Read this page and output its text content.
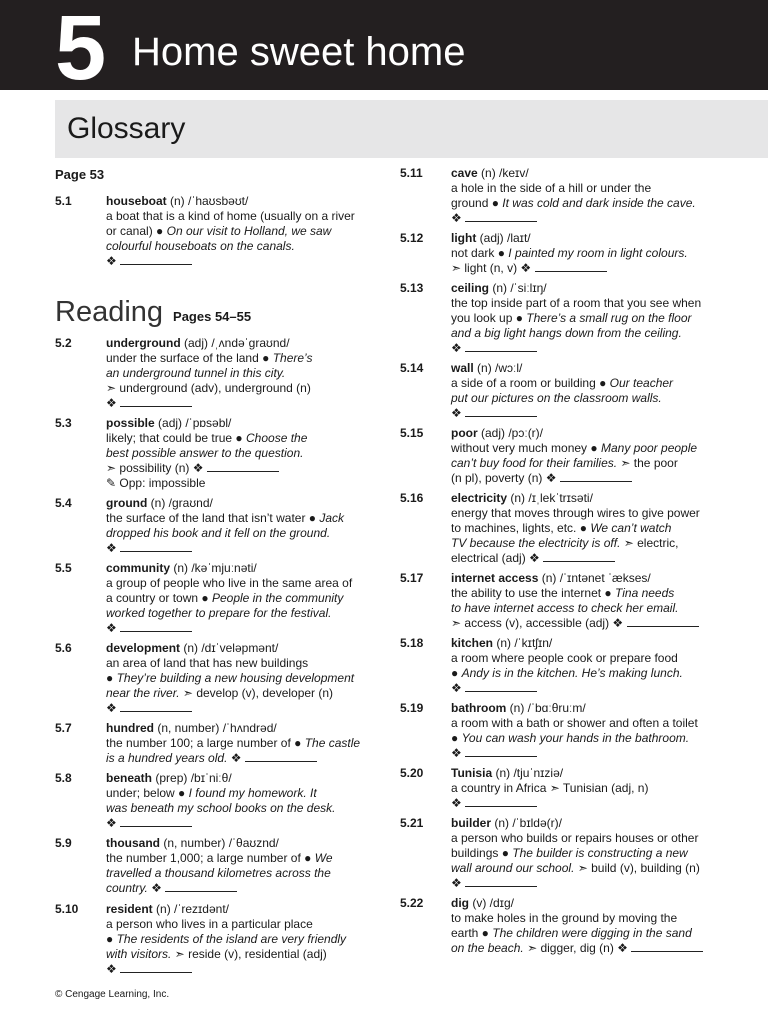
5 Home sweet home
Glossary
Page 53
Reading Pages 54–55
5.1	houseboat (n) /ˈhaʊsbəʊt/
a boat that is a kind of home (usually on a river
or canal) ● On our visit to Holland, we saw
colourful houseboats on the canals.
❖
5.2	underground (adj) /ˌʌndəˈɡraʊnd/
under the surface of the land ● There’s
an underground tunnel in this city.
➣ underground (adv), underground (n)
❖
5.3	possible (adj) /ˈpɒsəbl/
likely; that could be true ● Choose the
best possible answer to the question.
➣ possibility (n) ❖
✎ Opp: impossible
5.4	ground (n) /ɡraʊnd/
the surface of the land that isn’t water ● Jack
dropped his book and it fell on the ground.
❖
5.5	community (n) /kəˈmjuːnəti/
a group of people who live in the same area of
a country or town ● People in the community
worked together to prepare for the festival.
❖
5.6	development (n) /dɪˈveləpmənt/
an area of land that has new buildings
● They’re building a new housing development
near the river. ➣ develop (v), developer (n)
❖
5.7	hundred (n, number) /ˈhʌndrəd/
the number 100; a large number of ● The castle
is a hundred years old. ❖
5.8	beneath (prep) /bɪˈniːθ/
under; below ● I found my homework. It
was beneath my school books on the desk.
❖
5.9	thousand (n, number) /ˈθaʊznd/
the number 1,000; a large number of ● We
travelled a thousand kilometres across the
country. ❖
5.10 resident (n) /ˈrezɪdənt/
a person who lives in a particular place
● The residents of the island are very friendly
with visitors. ➣ reside (v), residential (adj)
❖
5.11 cave (n) /keɪv/
a hole in the side of a hill or under the
ground ● It was cold and dark inside the cave.
❖
5.12 light (adj) /laɪt/
not dark ● I painted my room in light colours.
➣ light (n, v) ❖
5.13 ceiling (n) /ˈsiːlɪŋ/
the top inside part of a room that you see when
you look up ● There’s a small rug on the floor
and a big light hangs down from the ceiling.
❖
5.14 wall (n) /wɔːl/
a side of a room or building ● Our teacher
put our pictures on the classroom walls.
❖
5.15 poor (adj) /pɔː(r)/
without very much money ● Many poor people
can’t buy food for their families. ➣ the poor
(n pl), poverty (n) ❖
5.16 electricity (n) /ɪˌlekˈtrɪsəti/
energy that moves through wires to give power
to machines, lights, etc. ● We can’t watch
TV because the electricity is off. ➣ electric,
electrical (adj) ❖
5.17 internet access (n) /ˈɪntənet ˈækses/
the ability to use the internet ● Tina needs
to have internet access to check her email.
➣ access (v), accessible (adj) ❖
5.18 kitchen (n) /ˈkɪtʃɪn/
a room where people cook or prepare food
● Andy is in the kitchen. He’s making lunch.
❖
5.19 bathroom (n) /ˈbɑːθruːm/
a room with a bath or shower and often a toilet
● You can wash your hands in the bathroom.
❖
5.20 Tunisia (n) /tjuˈnɪziə/
a country in Africa ➣ Tunisian (adj, n)
❖
5.21 builder (n) /ˈbɪldə(r)/
a person who builds or repairs houses or other
buildings ● The builder is constructing a new
wall around our school. ➣ build (v), building (n)
❖
5.22 dig (v) /dɪɡ/
to make holes in the ground by moving the
earth ● The children were digging in the sand
on the beach. ➣ digger, dig (n) ❖
© Cengage Learning, Inc.
